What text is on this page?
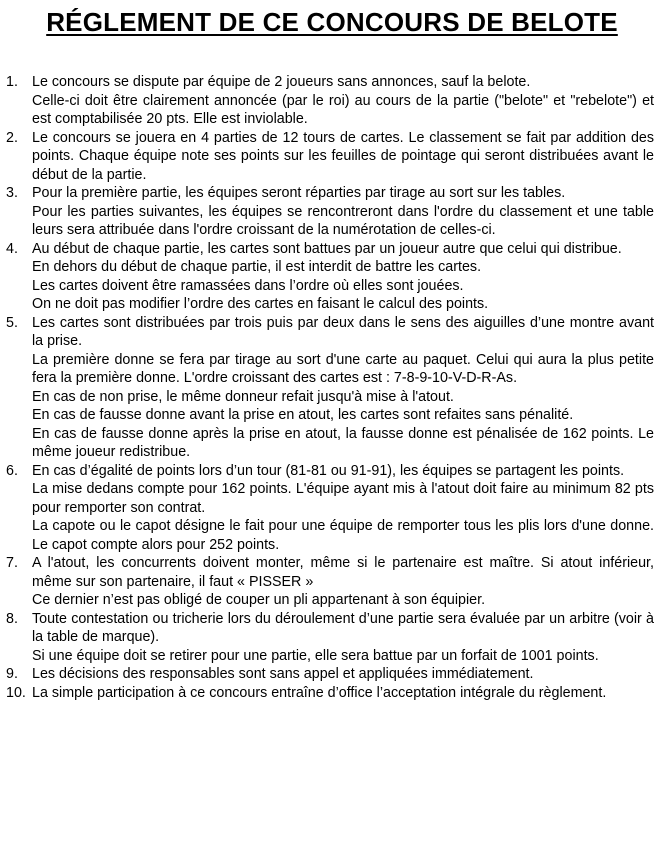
RÉGLEMENT DE CE CONCOURS DE BELOTE
1. Le concours se dispute par équipe de 2 joueurs sans annonces, sauf la belote.

Celle-ci doit être clairement annoncée (par le roi) au cours de la partie ("belote" et "rebelote") et est comptabilisée 20 pts. Elle est inviolable.

2. Le concours se jouera en 4 parties de 12 tours de cartes. Le classement se fait par addition des points. Chaque équipe note ses points sur les feuilles de pointage qui seront distribuées avant le début de la partie.

3. Pour la première partie, les équipes seront réparties par tirage au sort sur les tables.

Pour les parties suivantes, les équipes se rencontreront dans l'ordre du classement et une table leurs sera attribuée dans l'ordre croissant de la numérotation de celles-ci.

4. Au début de chaque partie, les cartes sont battues par un joueur autre que celui qui distribue.

En dehors du début de chaque partie, il est interdit de battre les cartes.

Les cartes doivent être ramassées dans l’ordre où elles sont jouées.

On ne doit pas modifier l’ordre des cartes en faisant le calcul des points.

5. Les cartes sont distribuées par trois puis par deux dans le sens des aiguilles d’une montre avant la prise.

La première donne se fera par tirage au sort d'une carte au paquet. Celui qui aura la plus petite fera la première donne. L'ordre croissant des cartes est : 7-8-9-10-V-D-R-As.

En cas de non prise, le même donneur refait jusqu'à mise à l'atout.

En cas de fausse donne avant la prise en atout, les cartes sont refaites sans pénalité.

En cas de fausse donne après la prise en atout, la fausse donne est pénalisée de 162 points. Le même joueur redistribue.

6. En cas d’égalité de points lors d’un tour (81-81 ou 91-91), les équipes se partagent les points.

La mise dedans compte pour 162 points. L'équipe ayant mis à l'atout doit faire au minimum 82 pts pour remporter son contrat.

La capote ou le capot désigne le fait pour une équipe de remporter tous les plis lors d'une donne. Le capot compte alors pour 252 points.

7. A l'atout, les concurrents doivent monter, même si le partenaire est maître. Si atout inférieur, même sur son partenaire, il faut « PISSER »

Ce dernier n’est pas obligé de couper un pli appartenant à son équipier.

8. Toute contestation ou tricherie lors du déroulement d’une partie sera évaluée par un arbitre (voir à la table de marque).

Si une équipe doit se retirer pour une partie, elle sera battue par un forfait de 1001 points.

9. Les décisions des responsables sont sans appel et appliquées immédiatement.

10. La simple participation à ce concours entraîne d’office l’acceptation intégrale du règlement.
